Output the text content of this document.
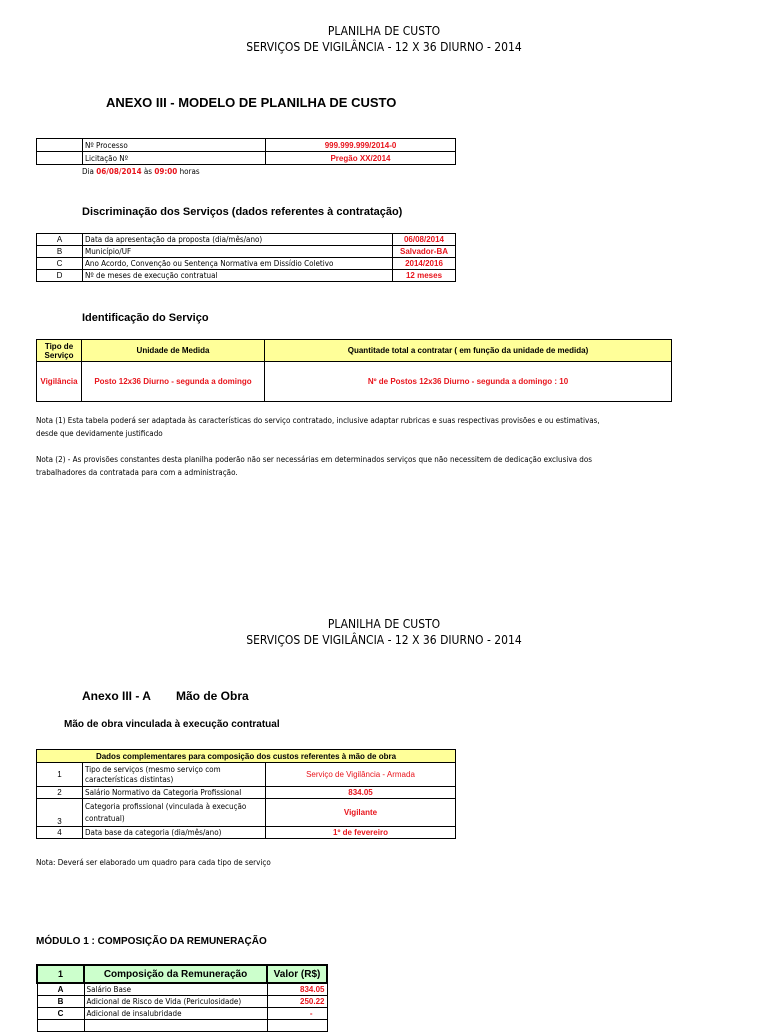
PLANILHA DE CUSTO
SERVIÇOS DE VIGILÂNCIA - 12 X 36 DIURNO - 2014
ANEXO III - MODELO DE PLANILHA DE CUSTO
	Nº Processo	999.999.999/2014-0
	Licitação Nº	Pregão XX/2014
Dia 06/08/2014 às 09:00 horas
Discriminação dos Serviços (dados referentes à contratação)
A	Data da apresentação da proposta (dia/mês/ano)	06/08/2014
B	Município/UF	Salvador-BA
C	Ano Acordo, Convenção ou Sentença Normativa em Dissídio Coletivo	2014/2016
D	Nº de meses de execução contratual	12 meses
Identificação do Serviço
Tipo de Serviço	Unidade de Medida	Quantitade total a contratar ( em função da unidade de medida)
Vigilância	Posto 12x36 Diurno - segunda a domingo	Nº de Postos 12x36 Diurno - segunda a domingo : 10
Nota (1) Esta tabela poderá ser adaptada às características do serviço contratado, inclusive adaptar rubricas e suas respectivas provisões e ou estimativas,
desde que devidamente justificado
Nota (2) - As provisões constantes desta planilha poderão não ser necessárias em determinados serviços que não necessitem de dedicação exclusiva dos
trabalhadores da contratada para com a administração.
PLANILHA DE CUSTO
SERVIÇOS DE VIGILÂNCIA - 12 X 36 DIURNO - 2014
Anexo III - A Mão de Obra
Mão de obra vinculada à execução contratual
Dados complementares para composição dos custos referentes à mão de obra		
1	Tipo de serviços (mesmo serviço com
características distintas)	Serviço de Vigilância - Armada
2	Salário Normativo da Categoria Profissional	834.05
3	Categoria profissional (vinculada à execução
contratual)	Vigilante
4	Data base da categoria (dia/mês/ano)	1º de fevereiro
Nota: Deverá ser elaborado um quadro para cada tipo de serviço
MÓDULO 1 : COMPOSIÇÃO DA REMUNERAÇÃO
1	Composição da Remuneração	Valor (R$)
A	Salário Base	834.05
B	Adicional de Risco de Vida (Periculosidade)	250.22
C	Adicional de insalubridade	-
